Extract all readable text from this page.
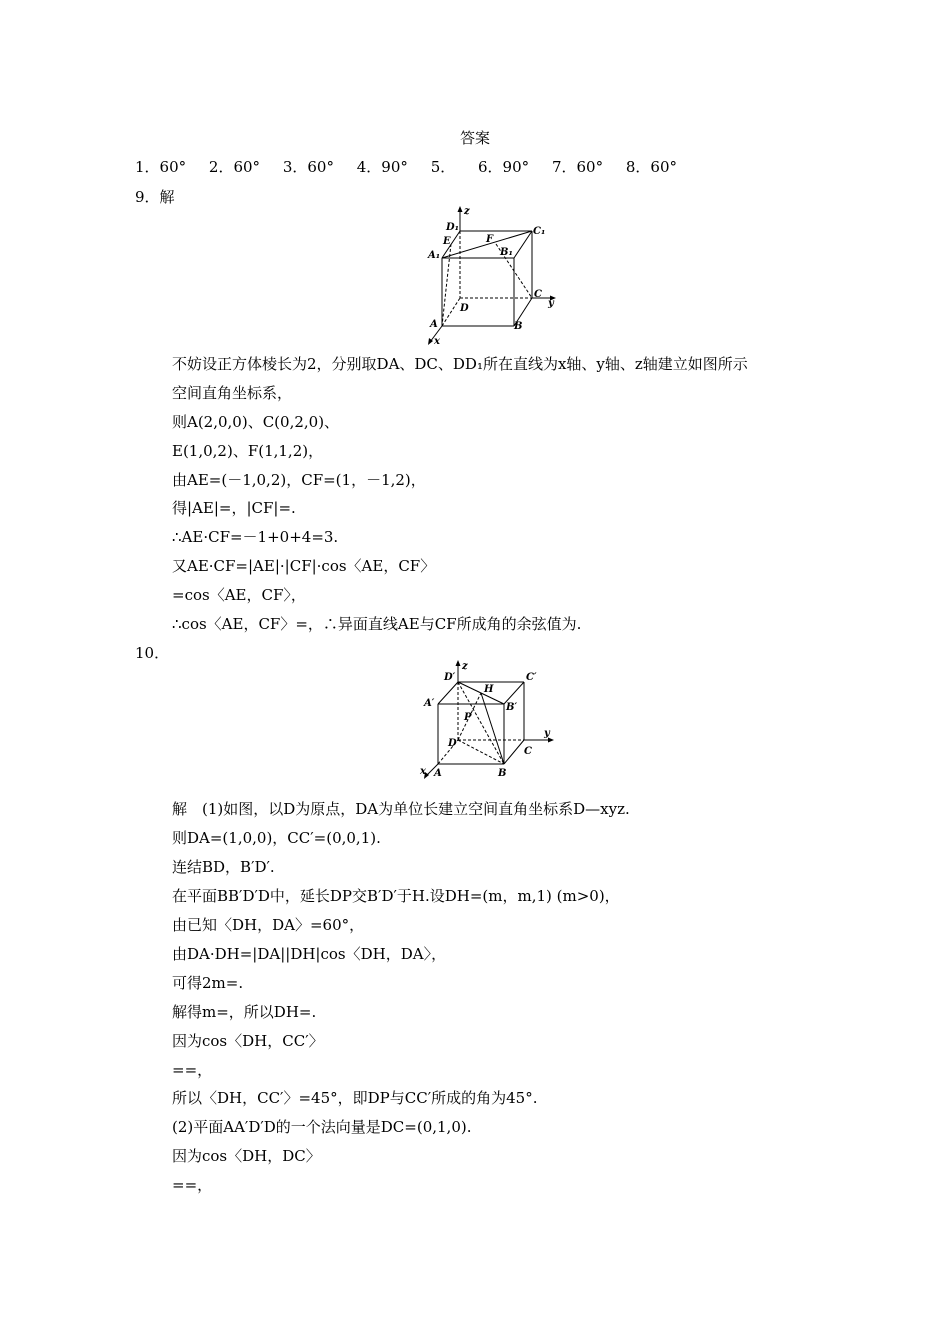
答案
1．60° 2．60° 3．60° 4．90° 5． 6．90° 7．60° 8．60°
9．解
z
D₁	C₁
E	F
B₁
A₁
D
C
y
A	B
x
不妨设正方体棱长为2，分别取DA、DC、DD₁所在直线为x轴、y轴、z轴建立如图所示
空间直角坐标系，
则A(2,0,0)、C(0,2,0)、
E(1,0,2)、F(1,1,2)，
由AE=(－1,0,2)，CF=(1，－1,2)，
得|AE|=，|CF|=.
∴AE·CF=－1+0+4=3.
又AE·CF=|AE|·|CF|·cos〈AE，CF〉
=cos〈AE，CF〉，
∴cos〈AE，CF〉=，∴异面直线AE与CF所成角的余弦值为.
10．
z
D′
H
C′
A′	B′
P
D
y
C
x A	B
解　(1)如图，以D为原点，DA为单位长建立空间直角坐标系D—xyz.
则DA=(1,0,0)，CC′=(0,0,1).
连结BD，B′D′.
在平面BB′D′D中，延长DP交B′D′于H.设DH=(m，m,1) (m>0)，
由已知〈DH，DA〉=60°，
由DA·DH=|DA||DH|cos〈DH，DA〉，
可得2m=.
解得m=，所以DH=.
因为cos〈DH，CC′〉
==，
所以〈DH，CC′〉=45°，即DP与CC′所成的角为45°.
(2)平面AA′D′D的一个法向量是DC=(0,1,0).
因为cos〈DH，DC〉
==，
